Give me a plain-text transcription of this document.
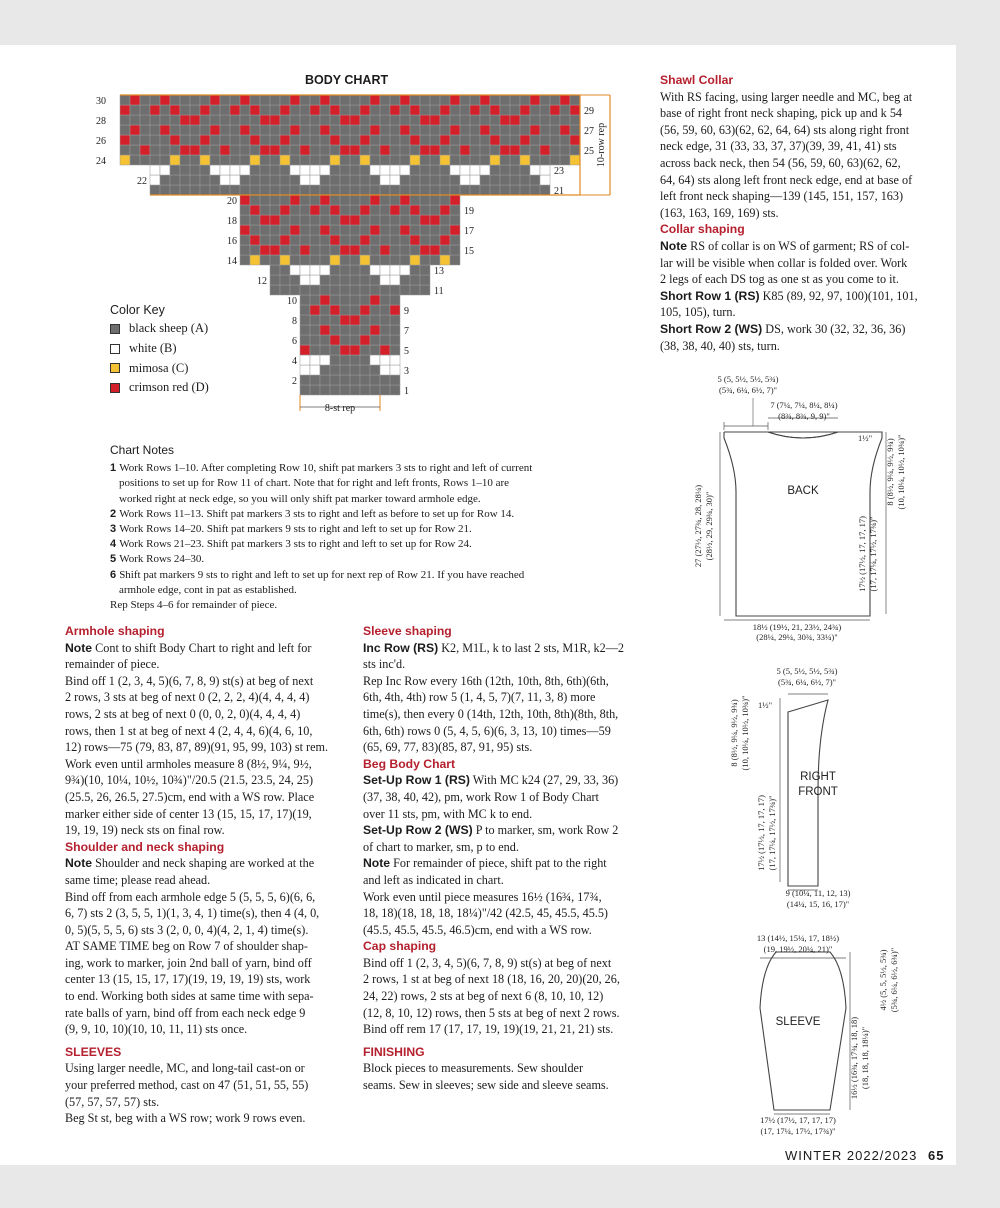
BODY CHART
30
28
26
24
22
20
18
16
14
12
10
8
6
4
2
29
27
25
23
21
19
17
15
13
11
9
7
5
3
1
10-row rep
8-st rep
Color Key
black sheep (A)
white (B)
mimosa (C)
crimson red (D)
Chart Notes

1 Work Rows 1–10. After completing Row 10, shift pat markers 3 sts to right and left of current

positions to set up for Row 11 of chart. Note that for right and left fronts, Rows 1–10 are

worked right at neck edge, so you will only shift pat marker toward armhole edge.

2 Work Rows 11–13. Shift pat markers 3 sts to right and left as before to set up for Row 14.

3 Work Rows 14–20. Shift pat markers 9 sts to right and left to set up for Row 21.

4 Work Rows 21–23. Shift pat markers 3 sts to right and left to set up for Row 24.

5 Work Rows 24–30.

6 Shift pat markers 9 sts to right and left to set up for next rep of Row 21. If you have reached

armhole edge, cont in pat as established.

Rep Steps 4–6 for remainder of piece.

Armhole shaping

Note Cont to shift Body Chart to right and left for

remainder of piece.

Bind off 1 (2, 3, 4, 5)(6, 7, 8, 9) st(s) at beg of next

2 rows, 3 sts at beg of next 0 (2, 2, 2, 4)(4, 4, 4, 4)

rows, 2 sts at beg of next 0 (0, 0, 2, 0)(4, 4, 4, 4)

rows, then 1 st at beg of next 4 (2, 4, 4, 6)(4, 6, 10,

12) rows—75 (79, 83, 87, 89)(91, 95, 99, 103) st rem.

Work even until armholes measure 8 (8½, 9¼, 9½,

9¾)(10, 10¼, 10½, 10¾)"/20.5 (21.5, 23.5, 24, 25)

(25.5, 26, 26.5, 27.5)cm, end with a WS row. Place

marker either side of center 13 (15, 15, 17, 17)(19,

19, 19, 19) neck sts on final row.

Shoulder and neck shaping

Note Shoulder and neck shaping are worked at the

same time; please read ahead.

Bind off from each armhole edge 5 (5, 5, 5, 6)(6, 6,

6, 7) sts 2 (3, 5, 5, 1)(1, 3, 4, 1) time(s), then 4 (4, 0,

0, 5)(5, 5, 5, 6) sts 3 (2, 0, 0, 4)(4, 2, 1, 4) time(s).

AT SAME TIME beg on Row 7 of shoulder shap-

ing, work to marker, join 2nd ball of yarn, bind off

center 13 (15, 15, 17, 17)(19, 19, 19, 19) sts, work

to end. Working both sides at same time with sepa-

rate balls of yarn, bind off from each neck edge 9

(9, 9, 10, 10)(10, 10, 11, 11) sts once.

SLEEVES

Using larger needle, MC, and long-tail cast-on or

your preferred method, cast on 47 (51, 51, 55, 55)

(57, 57, 57, 57) sts.

Beg St st, beg with a WS row; work 9 rows even.

Sleeve shaping

Inc Row (RS) K2, M1L, k to last 2 sts, M1R, k2—2

sts inc'd.

Rep Inc Row every 16th (12th, 10th, 8th, 6th)(6th,

6th, 4th, 4th) row 5 (1, 4, 5, 7)(7, 11, 3, 8) more

time(s), then every 0 (14th, 12th, 10th, 8th)(8th, 8th,

6th, 6th) rows 0 (5, 4, 5, 6)(6, 3, 13, 10) times—59

(65, 69, 77, 83)(85, 87, 91, 95) sts.

Beg Body Chart

Set-Up Row 1 (RS) With MC k24 (27, 29, 33, 36)

(37, 38, 40, 42), pm, work Row 1 of Body Chart

over 11 sts, pm, with MC k to end.

Set-Up Row 2 (WS) P to marker, sm, work Row 2

of chart to marker, sm, p to end.

Note For remainder of piece, shift pat to the right

and left as indicated in chart.

Work even until piece measures 16½ (16¾, 17¾,

18, 18)(18, 18, 18, 18¼)"/42 (42.5, 45, 45.5, 45.5)

(45.5, 45.5, 45.5, 46.5)cm, end with a WS row.

Cap shaping

Bind off 1 (2, 3, 4, 5)(6, 7, 8, 9) st(s) at beg of next

2 rows, 1 st at beg of next 18 (18, 16, 20, 20)(20, 26,

24, 22) rows, 2 sts at beg of next 6 (8, 10, 10, 12)

(12, 8, 10, 12) rows, then 5 sts at beg of next 2 rows.

Bind off rem 17 (17, 17, 19, 19)(19, 21, 21, 21) sts.

FINISHING

Block pieces to measurements. Sew shoulder

seams. Sew in sleeves; sew side and sleeve seams.

Shawl Collar

With RS facing, using larger needle and MC, beg at

base of right front neck shaping, pick up and k 54

(56, 59, 60, 63)(62, 62, 64, 64) sts along right front

neck edge, 31 (33, 33, 37, 37)(39, 39, 41, 41) sts

across back neck, then 54 (56, 59, 60, 63)(62, 62,

64, 64) sts along left front neck edge, end at base of

left front neck shaping—139 (145, 151, 157, 163)

(163, 163, 169, 169) sts.

Collar shaping

Note RS of collar is on WS of garment; RS of col-

lar will be visible when collar is folded over. Work

2 legs of each DS tog as one st as you come to it.

Short Row 1 (RS) K85 (89, 92, 97, 100)(101, 101,

105, 105), turn.

Short Row 2 (WS) DS, work 30 (32, 32, 36, 36)

(38, 38, 40, 40) sts, turn.

BACK
5 (5, 5½, 5½, 5¾)
(5¾, 6¼, 6½, 7)"
7 (7¼, 7¼, 8¼, 8¼)
(8¾, 8¾, 9, 9)"
1½"
8 (8½, 9¼, 9½, 9¾) (10, 10¼, 10½, 10¾)"
17½ (17½, 17, 17, 17) (17, 17¼, 17½, 17¾)"
27 (27½, 27¾, 28, 28¼) (28½, 29, 29¾, 30)"
18½ (19½, 21, 23½, 24¾)
(28¼, 29¼, 30¾, 33¼)"
RIGHT
FRONT
5 (5, 5½, 5½, 5¾)
(5¾, 6¼, 6½, 7)"
1½"
8 (8½, 9¼, 9½, 9¾) (10, 10¼, 10½, 10¾)"
17½ (17½, 17, 17, 17) (17, 17¼, 17½, 17¾)"
9 (10¼, 11, 12, 13)
(14¼, 15, 16, 17)"
SLEEVE
13 (14½, 15¼, 17, 18½)
(19, 19½, 20¼, 21)"
4½ (5, 5, 5½, 5¾) (5¾, 6¼, 6½, 6¾)"
16½ (16¾, 17¾, 18, 18) (18, 18, 18, 18¼)"
17½ (17½, 17, 17, 17)
(17, 17¼, 17½, 17¾)"
WINTER 2022/2023 65
